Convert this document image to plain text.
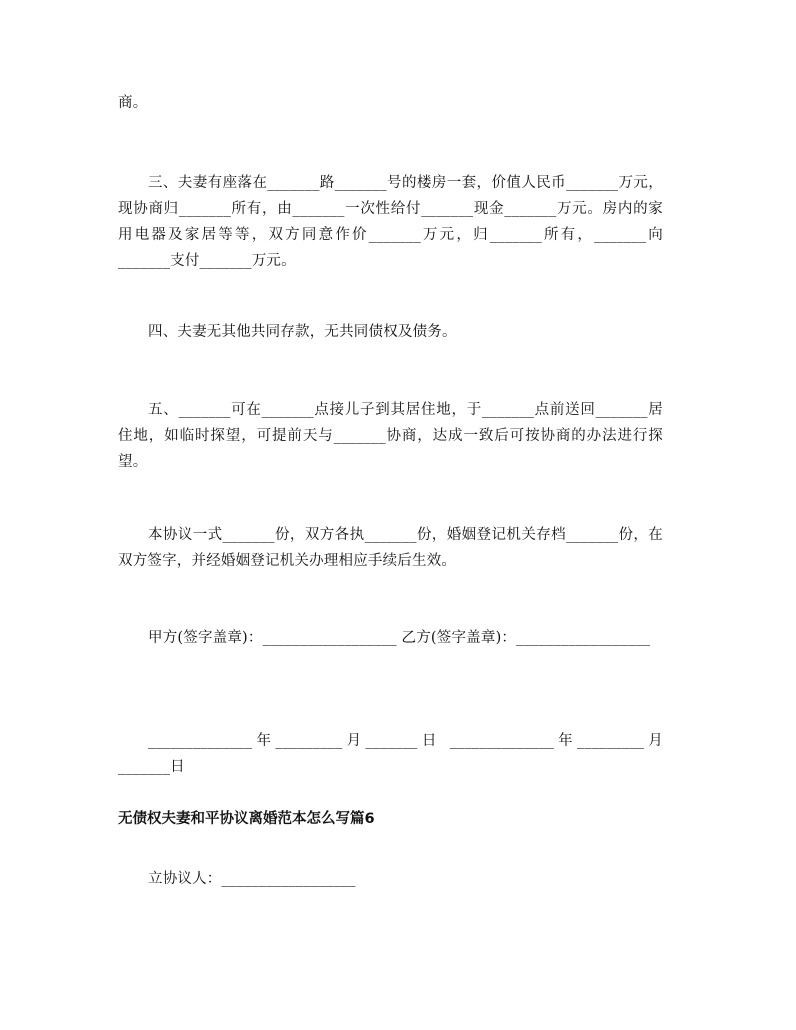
商。

三、夫妻有座落在_______路_______号的楼房一套，价值人民币_______万元，现协商归_______所有，由_______一次性给付_______现金_______万元。房内的家用电器及家居等等，双方同意作价_______万元，归_______所有，_______向_______支付_______万元。

四、夫妻无其他共同存款，无共同债权及债务。

五、_______可在_______点接儿子到其居住地，于_______点前送回_______居住地，如临时探望，可提前天与_______协商，达成一致后可按协商的办法进行探望。

本协议一式_______份，双方各执_______份，婚姻登记机关存档_______份，在双方签字，并经婚姻登记机关办理相应手续后生效。

甲方(签字盖章)：__________________ 乙方(签字盖章)：__________________

______________年_________月_______日 ______________年_________月_______日

无债权夫妻和平协议离婚范本怎么写篇6

立协议人：__________________
